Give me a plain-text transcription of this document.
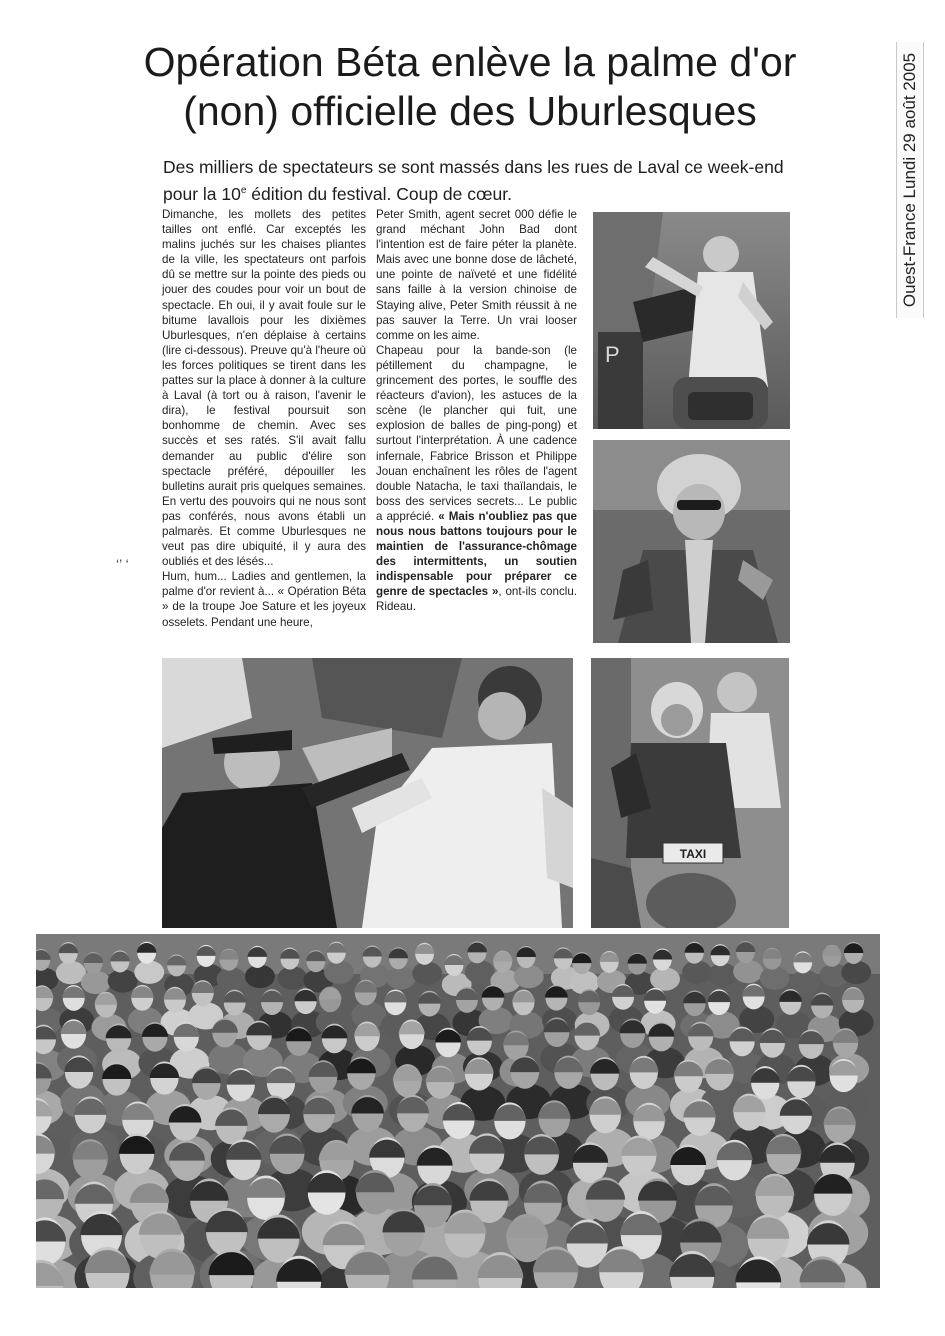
Opération Béta enlève la palme d'or
(non) officielle des Uburlesques	Ouest-France Lundi 29 août 2005

Des milliers de spectateurs se sont massés dans les rues de Laval ce week-end pour la 10e édition du festival. Coup de cœur.

‘’ ‘

Dimanche, les mollets des petites tailles ont enflé. Car exceptés les malins juchés sur les chaises pliantes de la ville, les spectateurs ont parfois dû se mettre sur la pointe des pieds ou jouer des coudes pour voir un bout de spectacle. Eh oui, il y avait foule sur le bitume lavallois pour les dixièmes Uburlesques, n'en déplaise à certains (lire ci-dessous). Preuve qu'à l'heure où les forces politiques se tirent dans les pattes sur la place à donner à la culture à Laval (à tort ou à raison, l'avenir le dira), le festival poursuit son bonhomme de chemin. Avec ses succès et ses ratés. S'il avait fallu demander au public d'élire son spectacle préféré, dépouiller les bulletins aurait pris quelques semaines. En vertu des pouvoirs qui ne nous sont pas conférés, nous avons établi un palmarès. Et comme Uburlesques ne veut pas dire ubiquité, il y aura des oubliés et des lésés...

Hum, hum... Ladies and gentlemen, la palme d'or revient à... « Opération Béta » de la troupe Joe Sature et les joyeux osselets. Pendant une heure,

Peter Smith, agent secret 000 défie le grand méchant John Bad dont l'intention est de faire péter la planète. Mais avec une bonne dose de lâcheté, une pointe de naïveté et une fidélité sans faille à la version chinoise de Staying alive, Peter Smith réussit à ne pas sauver la Terre. Un vrai looser comme on les aime.

Chapeau pour la bande-son (le pétillement du champagne, le grincement des portes, le souffle des réacteurs d'avion), les astuces de la scène (le plancher qui fuit, une explosion de balles de ping-pong) et surtout l'interprétation. À une cadence infernale, Fabrice Brisson et Philippe Jouan enchaînent les rôles de l'agent double Natacha, le taxi thaïlandais, le boss des services secrets... Le public a apprécié. « Mais n'oubliez pas que nous nous battons toujours pour le maintien de l'assurance-chômage des intermittents, un soutien indispensable pour préparer ce genre de spectacles », ont-ils conclu. Rideau.

P
TAXI
